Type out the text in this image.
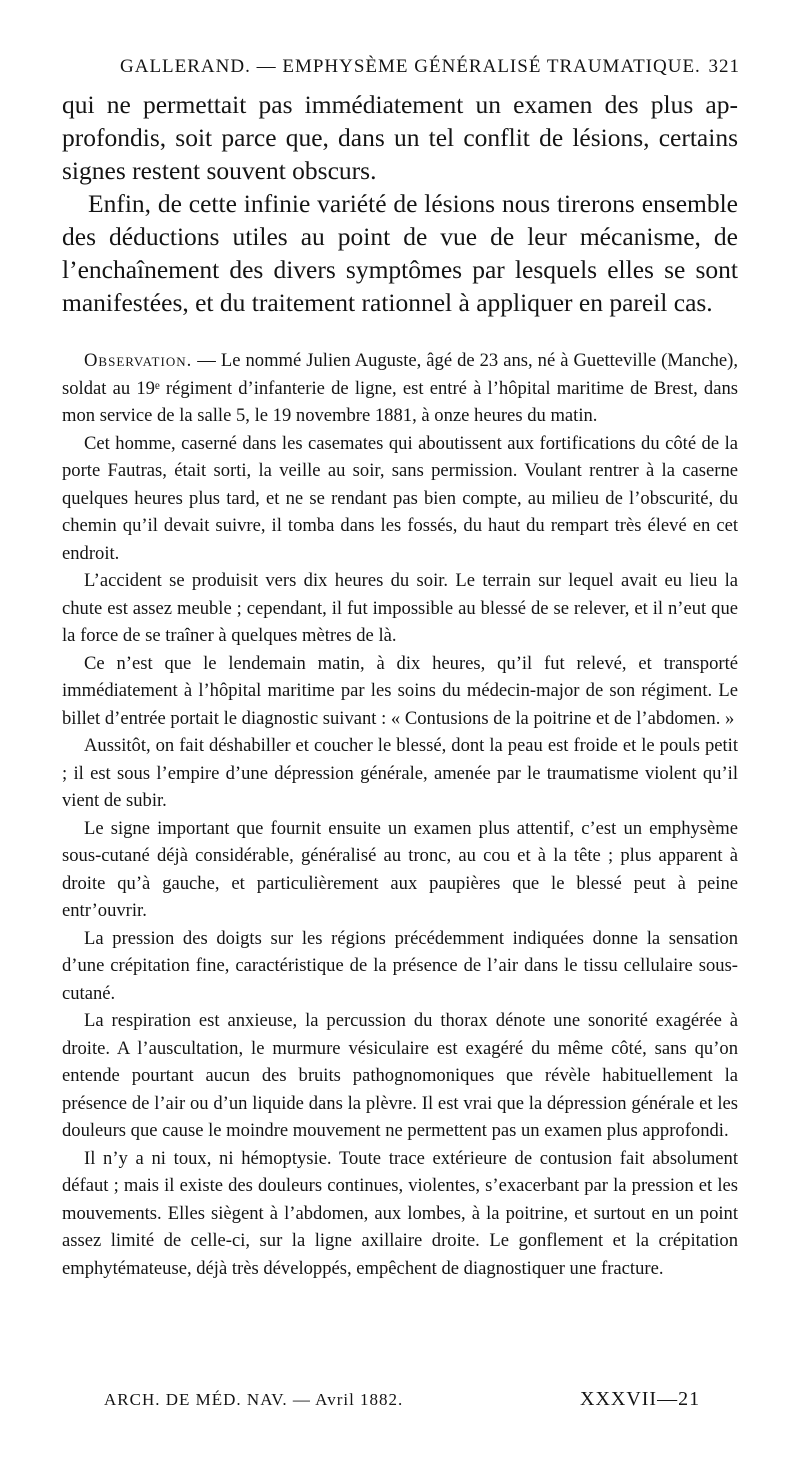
GALLERAND. — EMPHYSÈME GÉNÉRALISÉ TRAUMATIQUE. 321

qui ne permettait pas immédiatement un examen des plus approfondis, soit parce que, dans un tel conflit de lésions, certains signes restent souvent obscurs.

Enfin, de cette infinie variété de lésions nous tirerons ensemble des déductions utiles au point de vue de leur mécanisme, de l’enchaînement des divers symptômes par lesquels elles se sont manifestées, et du traitement rationnel à appliquer en pareil cas.

Observation. — Le nommé Julien Auguste, âgé de 23 ans, né à Guetteville (Manche), soldat au 19ᵉ régiment d’infanterie de ligne, est entré à l’hôpital maritime de Brest, dans mon service de la salle 5, le 19 novembre 1881, à onze heures du matin.

Cet homme, caserné dans les casemates qui aboutissent aux fortifications du côté de la porte Fautras, était sorti, la veille au soir, sans permission. Voulant rentrer à la caserne quelques heures plus tard, et ne se rendant pas bien compte, au milieu de l’obscurité, du chemin qu’il devait suivre, il tomba dans les fossés, du haut du rempart très élevé en cet endroit.

L’accident se produisit vers dix heures du soir. Le terrain sur lequel avait eu lieu la chute est assez meuble ; cependant, il fut impossible au blessé de se relever, et il n’eut que la force de se traîner à quelques mètres de là.

Ce n’est que le lendemain matin, à dix heures, qu’il fut relevé, et transporté immédiatement à l’hôpital maritime par les soins du médecin-major de son régiment. Le billet d’entrée portait le diagnostic suivant : « Contusions de la poitrine et de l’abdomen. »

Aussitôt, on fait déshabiller et coucher le blessé, dont la peau est froide et le pouls petit ; il est sous l’empire d’une dépression générale, amenée par le traumatisme violent qu’il vient de subir.

Le signe important que fournit ensuite un examen plus attentif, c’est un emphysème sous-cutané déjà considérable, généralisé au tronc, au cou et à la tête ; plus apparent à droite qu’à gauche, et particulièrement aux paupières que le blessé peut à peine entr’ouvrir.

La pression des doigts sur les régions précédemment indiquées donne la sensation d’une crépitation fine, caractéristique de la présence de l’air dans le tissu cellulaire sous-cutané.

La respiration est anxieuse, la percussion du thorax dénote une sonorité exagérée à droite. A l’auscultation, le murmure vésiculaire est exagéré du même côté, sans qu’on entende pourtant aucun des bruits pathognomoniques que révèle habituellement la présence de l’air ou d’un liquide dans la plèvre. Il est vrai que la dépression générale et les douleurs que cause le moindre mouvement ne permettent pas un examen plus approfondi.

Il n’y a ni toux, ni hémoptysie. Toute trace extérieure de contusion fait absolument défaut ; mais il existe des douleurs continues, violentes, s’exacerbant par la pression et les mouvements. Elles siègent à l’abdomen, aux lombes, à la poitrine, et surtout en un point assez limité de celle-ci, sur la ligne axillaire droite. Le gonflement et la crépitation emphytémateuse, déjà très développés, empêchent de diagnostiquer une fracture.

ARCH. DE MÉD. NAV. — Avril 1882.	XXXVII—21
